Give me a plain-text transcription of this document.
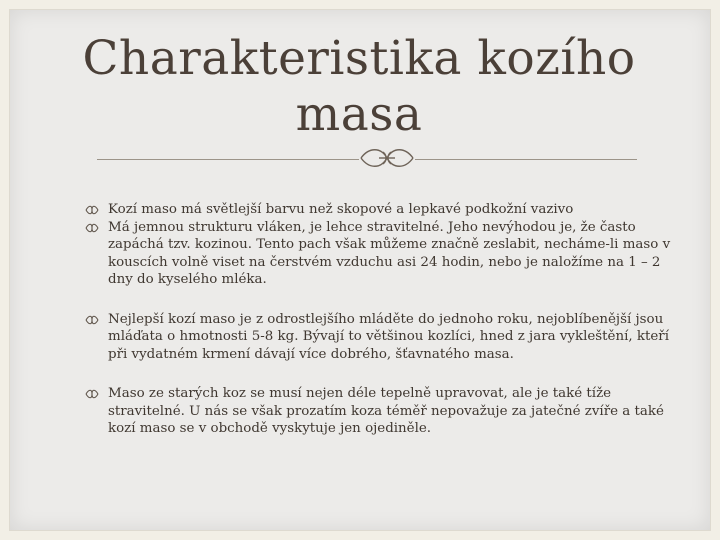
Charakteristika kozího masa
Kozí maso má světlejší barvu než skopové a lepkavé podkožní vazivo
Má jemnou strukturu vláken, je lehce stravitelné. Jeho nevýhodou je, že často zapáchá tzv. kozinou. Tento pach však můžeme značně zeslabit, necháme-li maso v kouscích volně viset na čerstvém vzduchu asi 24 hodin, nebo je naložíme na 1 – 2 dny do kyselého mléka.
Nejlepší kozí maso je z odrostlejšího mláděte do jednoho roku, nejoblíbenější jsou mláďata o hmotnosti 5-8 kg. Bývají to většinou kozlíci, hned z jara vykleštění, kteří při vydatném krmení dávají více dobrého, šťavnatého masa.
Maso ze starých koz se musí nejen déle tepelně upravovat, ale je také tíže stravitelné. U nás se však prozatím koza téměř nepovažuje za jatečné zvíře a také kozí maso se v obchodě vyskytuje jen ojediněle.
